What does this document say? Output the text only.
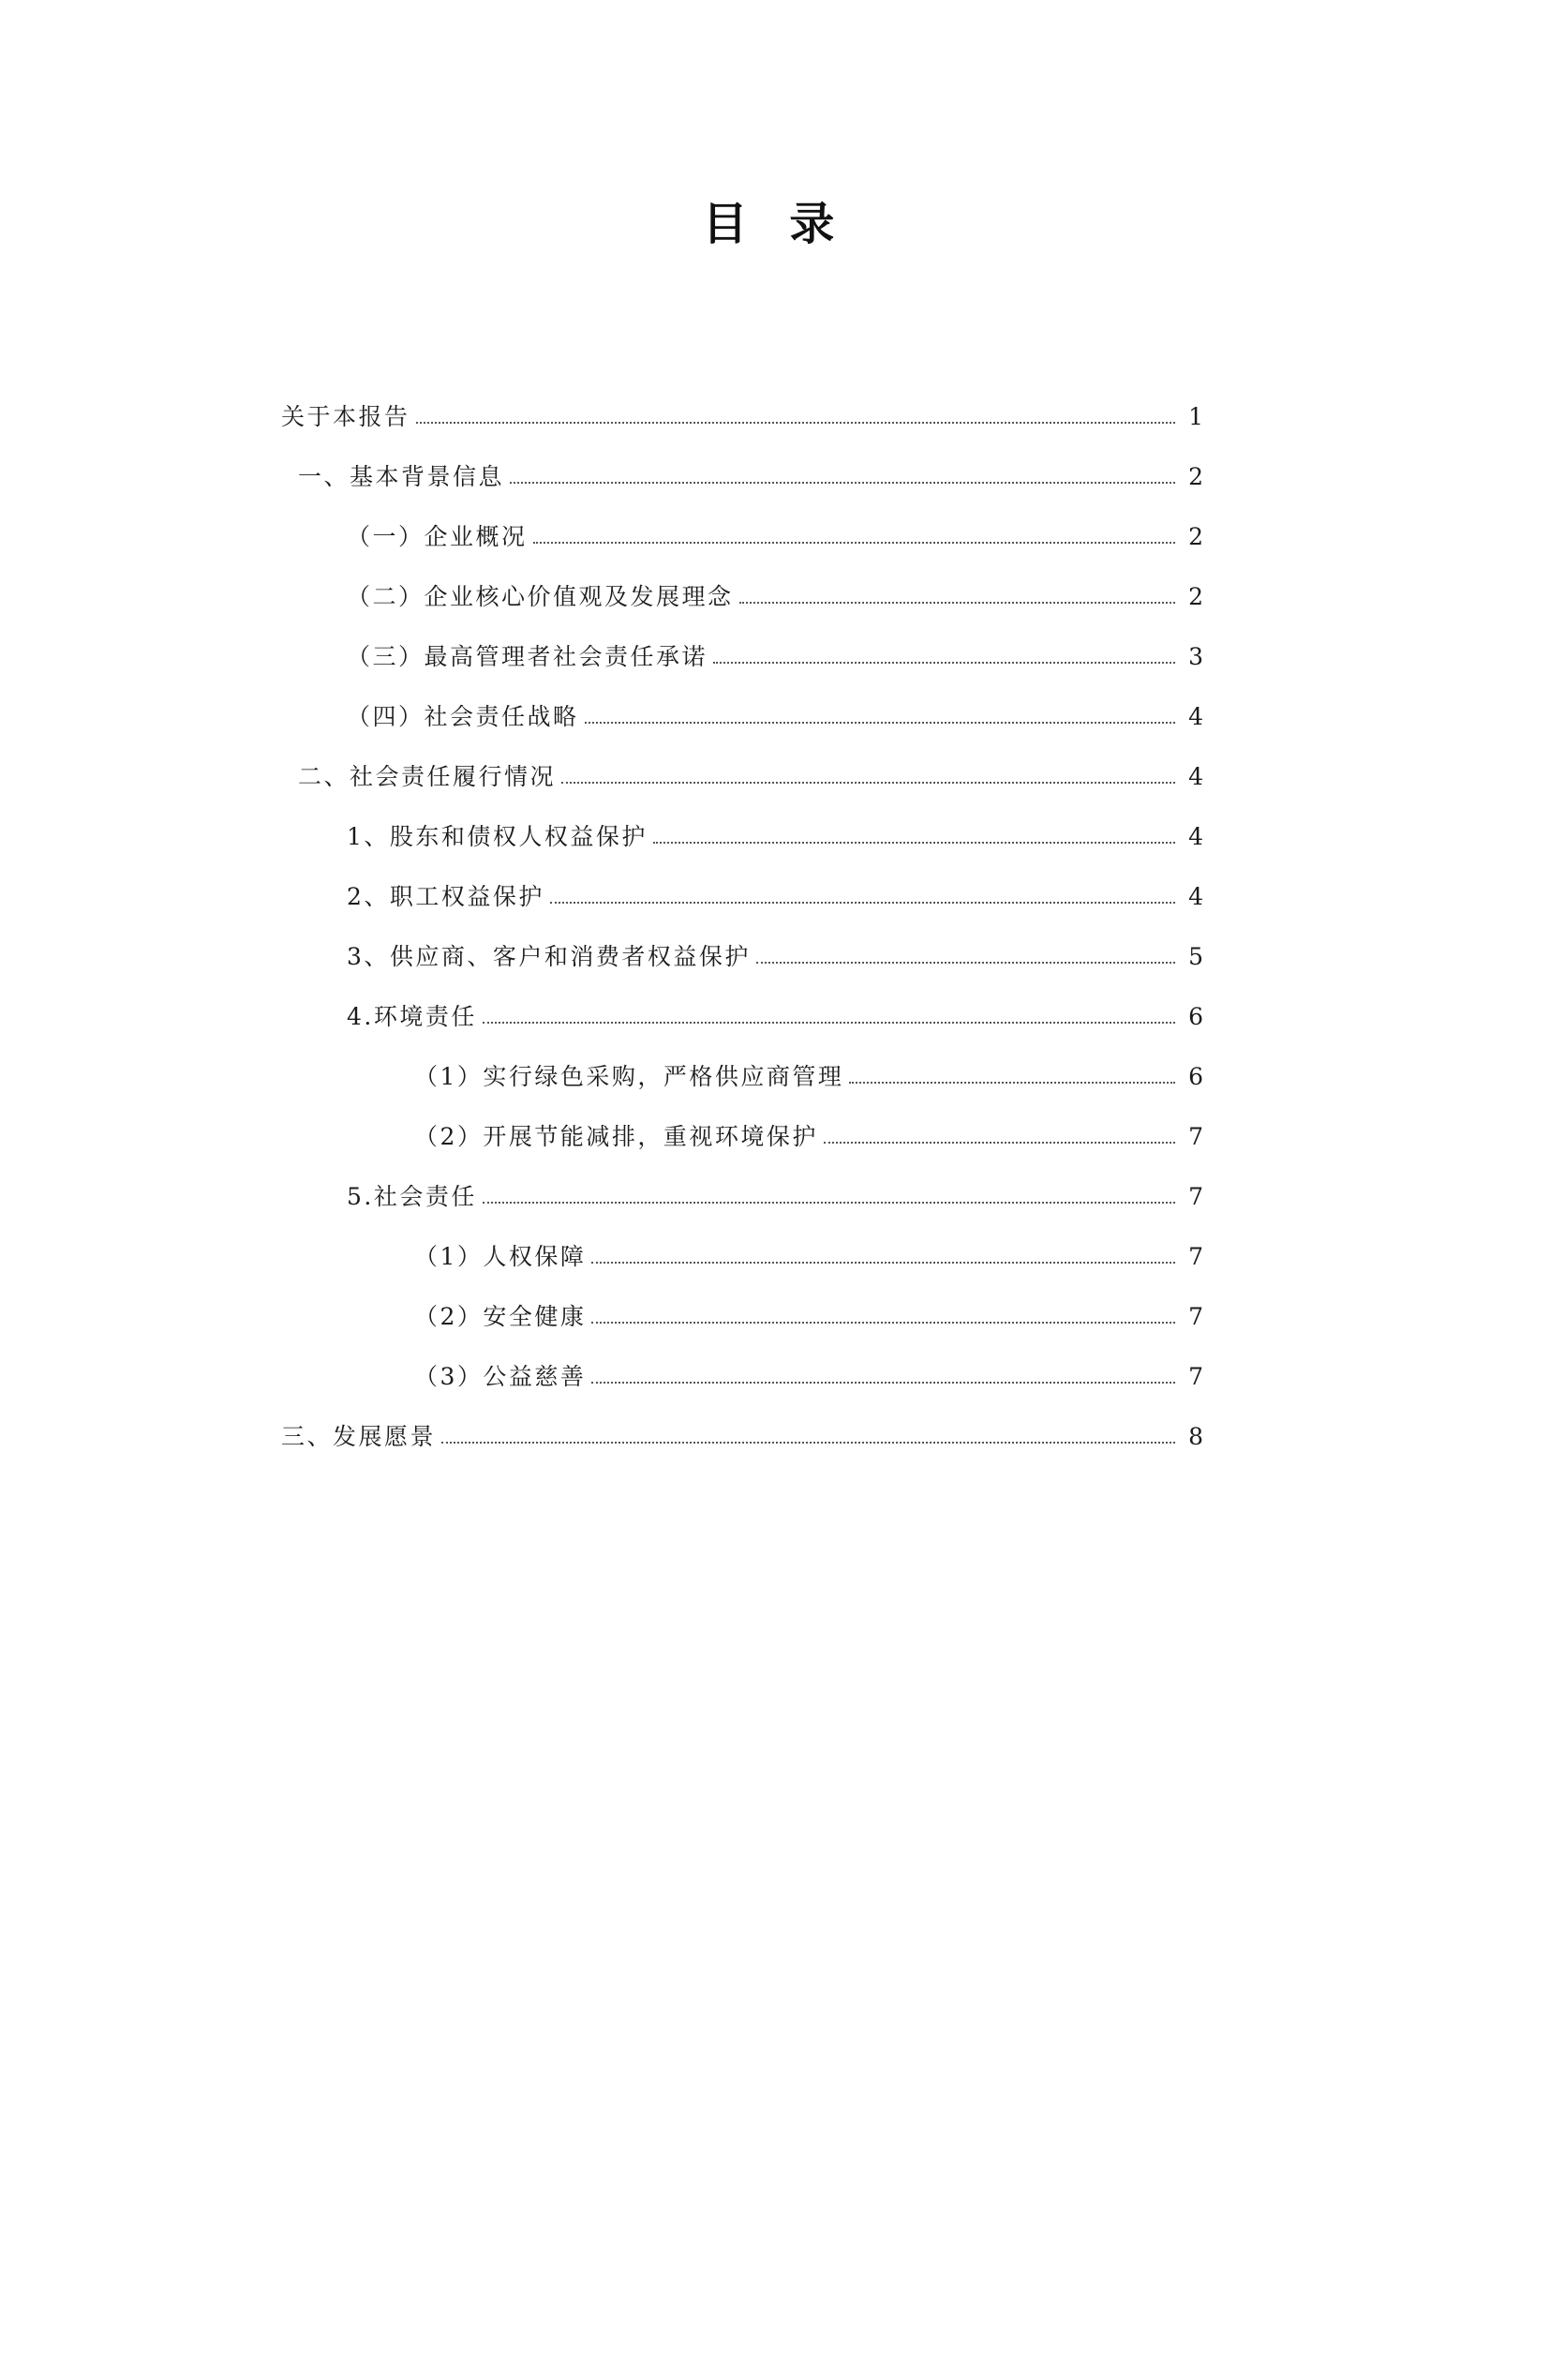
目 录
关于本报告	1
一、基本背景信息	2
（一）企业概况	2
（二）企业核心价值观及发展理念	2
（三）最高管理者社会责任承诺	3
（四）社会责任战略	4
二、社会责任履行情况	4
1、股东和债权人权益保护	4
2、职工权益保护	4
3、供应商、客户和消费者权益保护	5
4.环境责任	6
（1）实行绿色采购，严格供应商管理	6
（2）开展节能减排，重视环境保护	7
5.社会责任	7
（1）人权保障	7
（2）安全健康	7
（3）公益慈善	7
三、发展愿景	8
